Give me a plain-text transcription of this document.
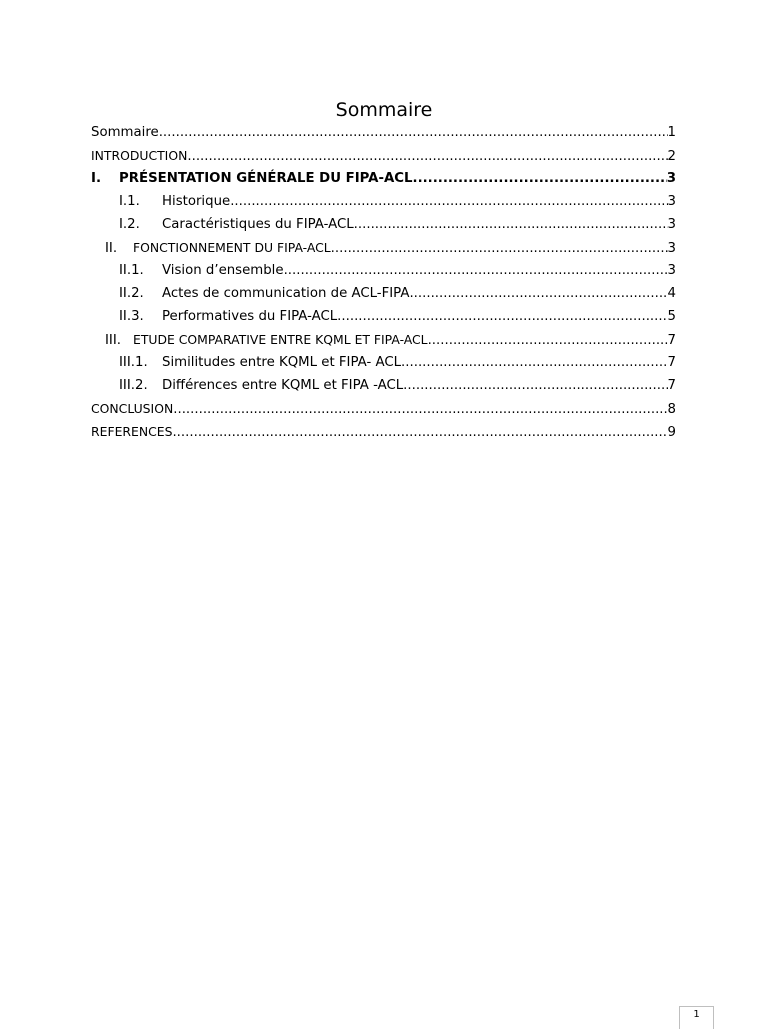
Sommaire
Sommaire .....	1
INTRODUCTION .....	2
I.	PRÉSENTATION GÉNÉRALE DU FIPA-ACL .....	3
I.1.	Historique .....	3
I.2.	Caractéristiques du FIPA-ACL .....	3
II.	FONCTIONNEMENT DU FIPA-ACL .....	3
II.1.	Vision d’ensemble .....	3
II.2.	Actes de communication de ACL-FIPA .....	4
II.3.	Performatives du FIPA-ACL .....	5
III. ETUDE COMPARATIVE ENTRE KQML ET FIPA-ACL .....	7
III.1.	Similitudes entre KQML et FIPA- ACL .....	7
III.2.	Différences entre KQML et FIPA -ACL .....	7
CONCLUSION .....	8
REFERENCES .....	9
1
